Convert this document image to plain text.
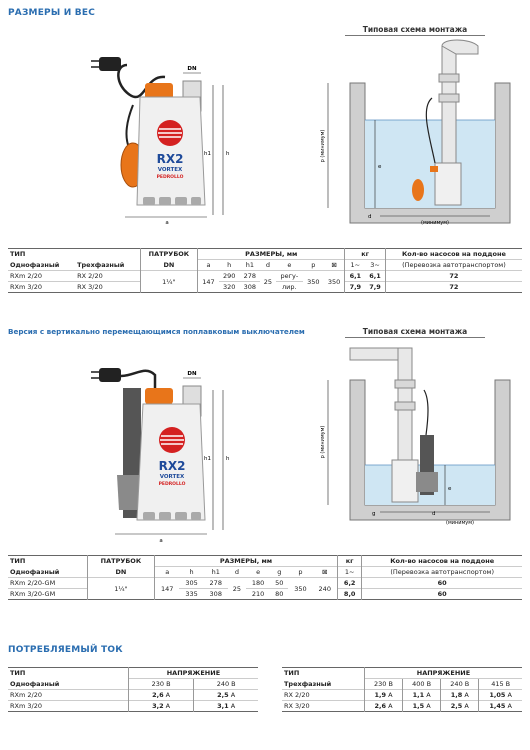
РАЗМЕРЫ И ВЕС
RX2
VORTEX
PEDROLLO
DN
h1	h
a
Типовая схема монтажа
p (минимум)
e
d
(минимум)
ТИП		ПАТРУБОК	РАЗМЕРЫ, мм							кг		Кол-во насосов на поддоне
Однофазный	Трехфазный	DN	a	h	h1	d	e	p	⊠	1~	3~	(Перевозка автотранспортом)
RXm 2/20	RX 2/20	1¼"	147	290	278	25	регу-	350	350	6,1	6,1	72
RXm 3/20	RX 3/20			320	308		лир.			7,9	7,9	72
Версия с вертикально перемещающимся поплавковым выключателем	Типовая схема монтажа
RX2
VORTEX
PEDROLLO
DN
h1	h
a
p (минимум)
e
g	d
(минимум)
ТИП	ПАТРУБОК	РАЗМЕРЫ, мм								кг	Кол-во насосов на поддоне
Однофазный	DN	a	h	h1	d	e	g	p	⊠	1~	(Перевозка автотранспортом)
RXm 2/20-GM	1¼"	147	305	278	25	180	50	350	240	6,2	60
RXm 3/20-GM			335	308		210	80			8,0	60
ПОТРЕБЛЯЕМЫЙ ТОК
ТИП	НАПРЯЖЕНИЕ	
Однофазный	230 В	240 В
RXm 2/20	2,6 A	2,5 A
RXm 3/20	3,2 A	3,1 A
ТИП	НАПРЯЖЕНИЕ			
Трехфазный	230 В	400 В	240 В	415 В
RX 2/20	1,9 A	1,1 A	1,8 A	1,05 A
RX 3/20	2,6 A	1,5 A	2,5 A	1,45 A
